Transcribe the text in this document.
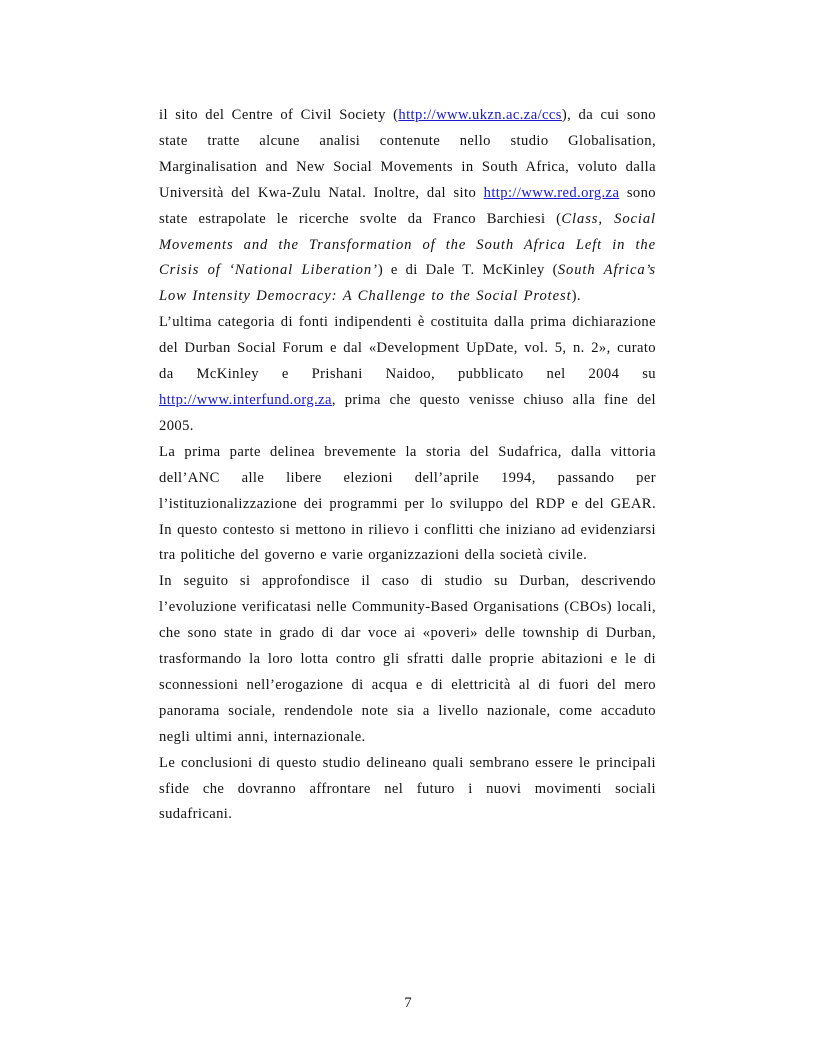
il sito del Centre of Civil Society (http://www.ukzn.ac.za/ccs), da cui sono state tratte alcune analisi contenute nello studio Globalisation, Marginalisation and New Social Movements in South Africa, voluto dalla Università del Kwa-Zulu Natal. Inoltre, dal sito http://www.red.org.za sono state estrapolate le ricerche svolte da Franco Barchiesi (Class, Social Movements and the Transformation of the South Africa Left in the Crisis of ‘National Liberation’) e di Dale T. McKinley (South Africa’s Low Intensity Democracy: A Challenge to the Social Protest).

L’ultima categoria di fonti indipendenti è costituita dalla prima dichiarazione del Durban Social Forum e dal «Development UpDate, vol. 5, n. 2», curato da McKinley e Prishani Naidoo, pubblicato nel 2004 su http://www.interfund.org.za, prima che questo venisse chiuso alla fine del 2005.

La prima parte delinea brevemente la storia del Sudafrica, dalla vittoria dell’ANC alle libere elezioni dell’aprile 1994, passando per l’istituzionalizzazione dei programmi per lo sviluppo del RDP e del GEAR. In questo contesto si mettono in rilievo i conflitti che iniziano ad evidenziarsi tra politiche del governo e varie organizzazioni della società civile.

In seguito si approfondisce il caso di studio su Durban, descrivendo l’evoluzione verificatasi nelle Community-Based Organisations (CBOs) locali, che sono state in grado di dar voce ai «poveri» delle township di Durban, trasformando la loro lotta contro gli sfratti dalle proprie abitazioni e le di sconnessioni nell’erogazione di acqua e di elettricità al di fuori del mero panorama sociale, rendendole note sia a livello nazionale, come accaduto negli ultimi anni, internazionale.

Le conclusioni di questo studio delineano quali sembrano essere le principali sfide che dovranno affrontare nel futuro i nuovi movimenti sociali sudafricani.

7
